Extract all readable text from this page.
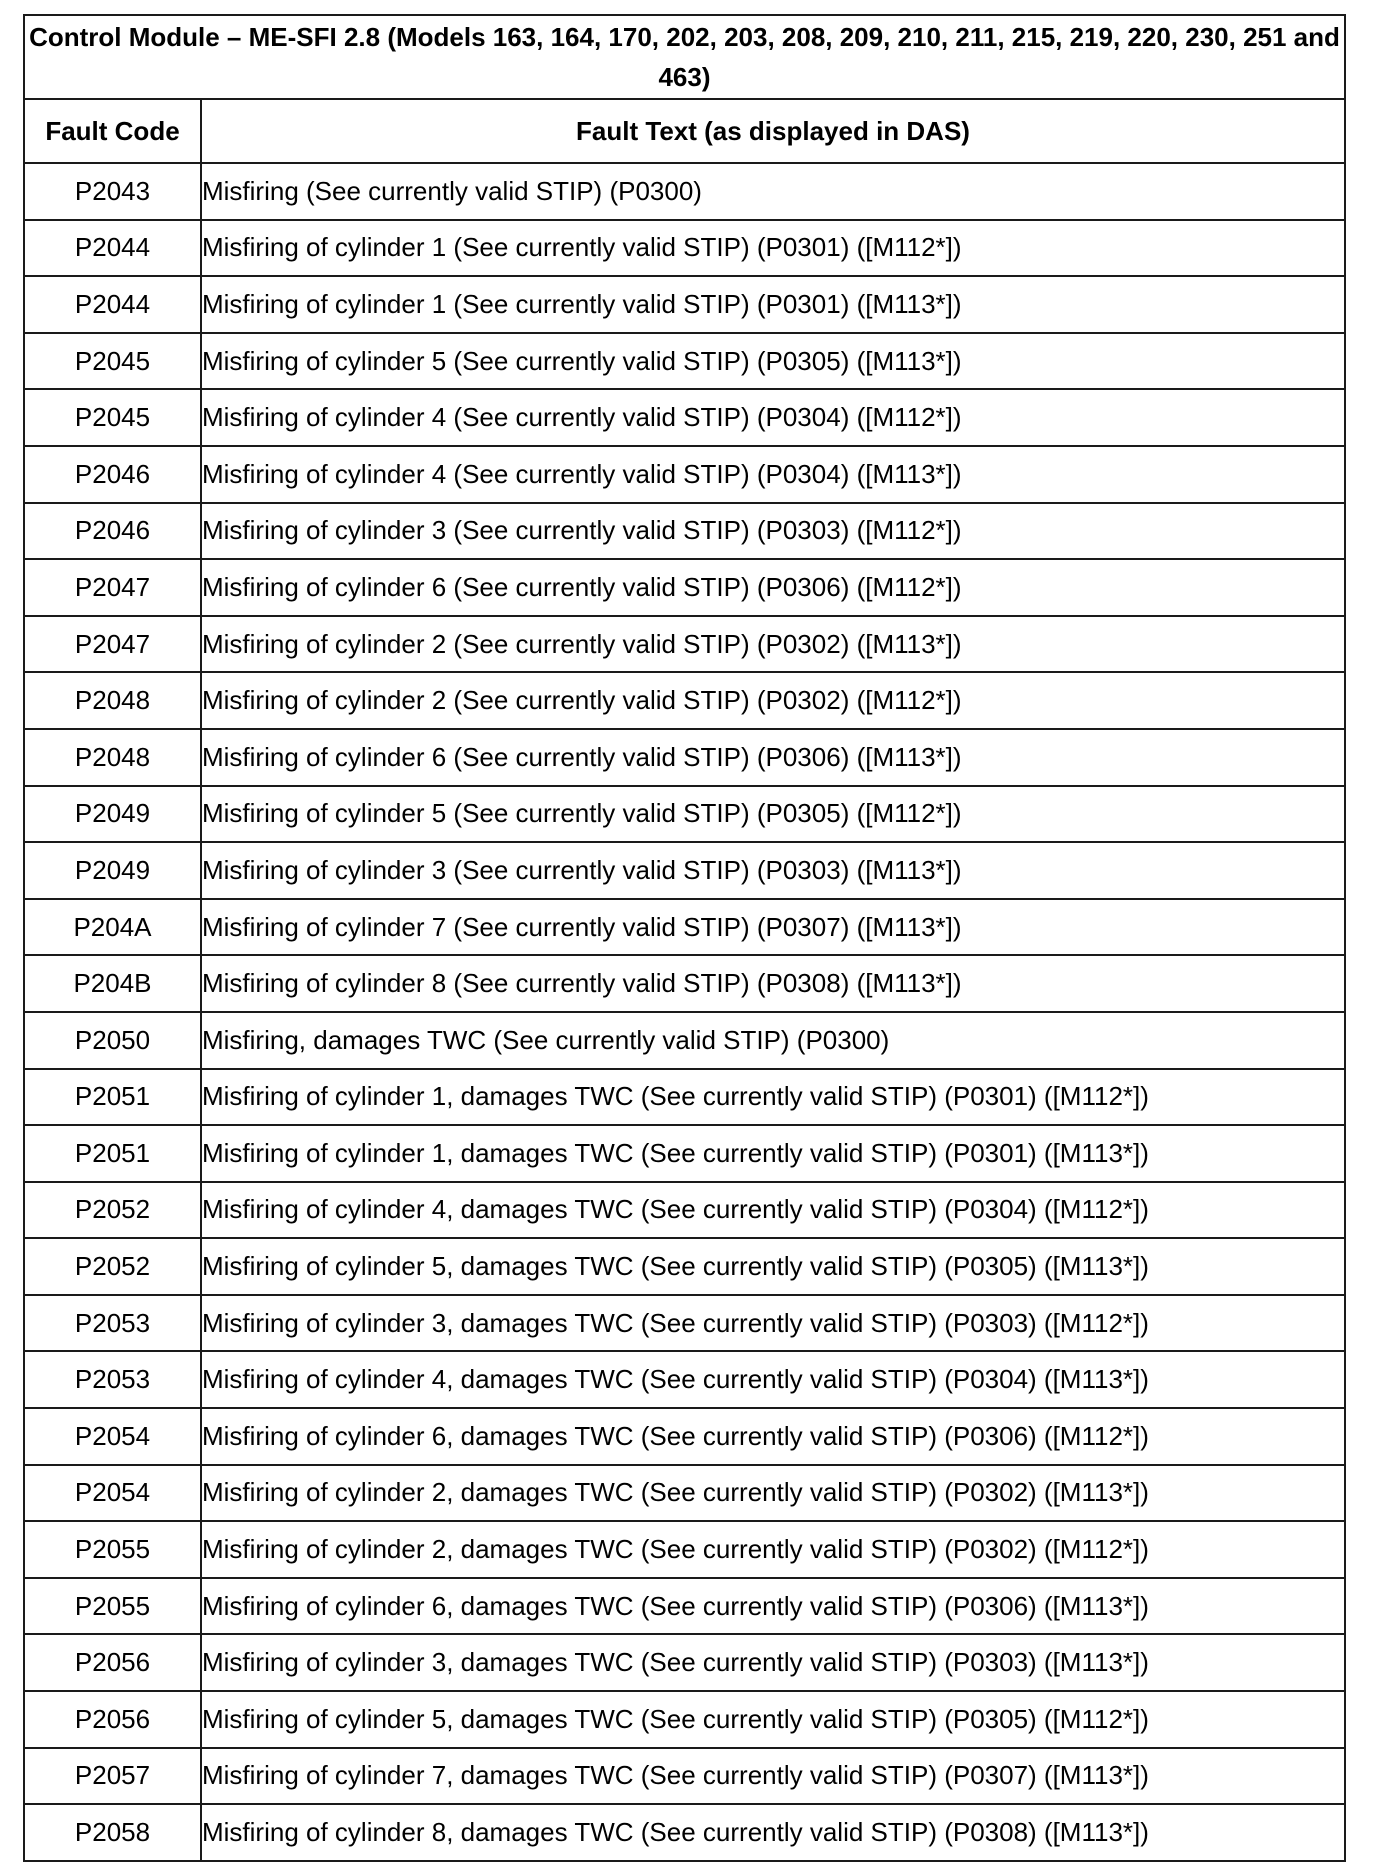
Control Module – ME-SFI 2.8 (Models 163, 164, 170, 202, 203, 208, 209, 210, 211, 215, 219, 220, 230, 251 and 463)	
Fault Code	Fault Text (as displayed in DAS)
P2043	Misfiring (See currently valid STIP) (P0300)
P2044	Misfiring of cylinder 1 (See currently valid STIP) (P0301) ([M112*])
P2044	Misfiring of cylinder 1 (See currently valid STIP) (P0301) ([M113*])
P2045	Misfiring of cylinder 5 (See currently valid STIP) (P0305) ([M113*])
P2045	Misfiring of cylinder 4 (See currently valid STIP) (P0304) ([M112*])
P2046	Misfiring of cylinder 4 (See currently valid STIP) (P0304) ([M113*])
P2046	Misfiring of cylinder 3 (See currently valid STIP) (P0303) ([M112*])
P2047	Misfiring of cylinder 6 (See currently valid STIP) (P0306) ([M112*])
P2047	Misfiring of cylinder 2 (See currently valid STIP) (P0302) ([M113*])
P2048	Misfiring of cylinder 2 (See currently valid STIP) (P0302) ([M112*])
P2048	Misfiring of cylinder 6 (See currently valid STIP) (P0306) ([M113*])
P2049	Misfiring of cylinder 5 (See currently valid STIP) (P0305) ([M112*])
P2049	Misfiring of cylinder 3 (See currently valid STIP) (P0303) ([M113*])
P204A	Misfiring of cylinder 7 (See currently valid STIP) (P0307) ([M113*])
P204B	Misfiring of cylinder 8 (See currently valid STIP) (P0308) ([M113*])
P2050	Misfiring, damages TWC (See currently valid STIP) (P0300)
P2051	Misfiring of cylinder 1, damages TWC (See currently valid STIP) (P0301) ([M112*])
P2051	Misfiring of cylinder 1, damages TWC (See currently valid STIP) (P0301) ([M113*])
P2052	Misfiring of cylinder 4, damages TWC (See currently valid STIP) (P0304) ([M112*])
P2052	Misfiring of cylinder 5, damages TWC (See currently valid STIP) (P0305) ([M113*])
P2053	Misfiring of cylinder 3, damages TWC (See currently valid STIP) (P0303) ([M112*])
P2053	Misfiring of cylinder 4, damages TWC (See currently valid STIP) (P0304) ([M113*])
P2054	Misfiring of cylinder 6, damages TWC (See currently valid STIP) (P0306) ([M112*])
P2054	Misfiring of cylinder 2, damages TWC (See currently valid STIP) (P0302) ([M113*])
P2055	Misfiring of cylinder 2, damages TWC (See currently valid STIP) (P0302) ([M112*])
P2055	Misfiring of cylinder 6, damages TWC (See currently valid STIP) (P0306) ([M113*])
P2056	Misfiring of cylinder 3, damages TWC (See currently valid STIP) (P0303) ([M113*])
P2056	Misfiring of cylinder 5, damages TWC (See currently valid STIP) (P0305) ([M112*])
P2057	Misfiring of cylinder 7, damages TWC (See currently valid STIP) (P0307) ([M113*])
P2058	Misfiring of cylinder 8, damages TWC (See currently valid STIP) (P0308) ([M113*])
